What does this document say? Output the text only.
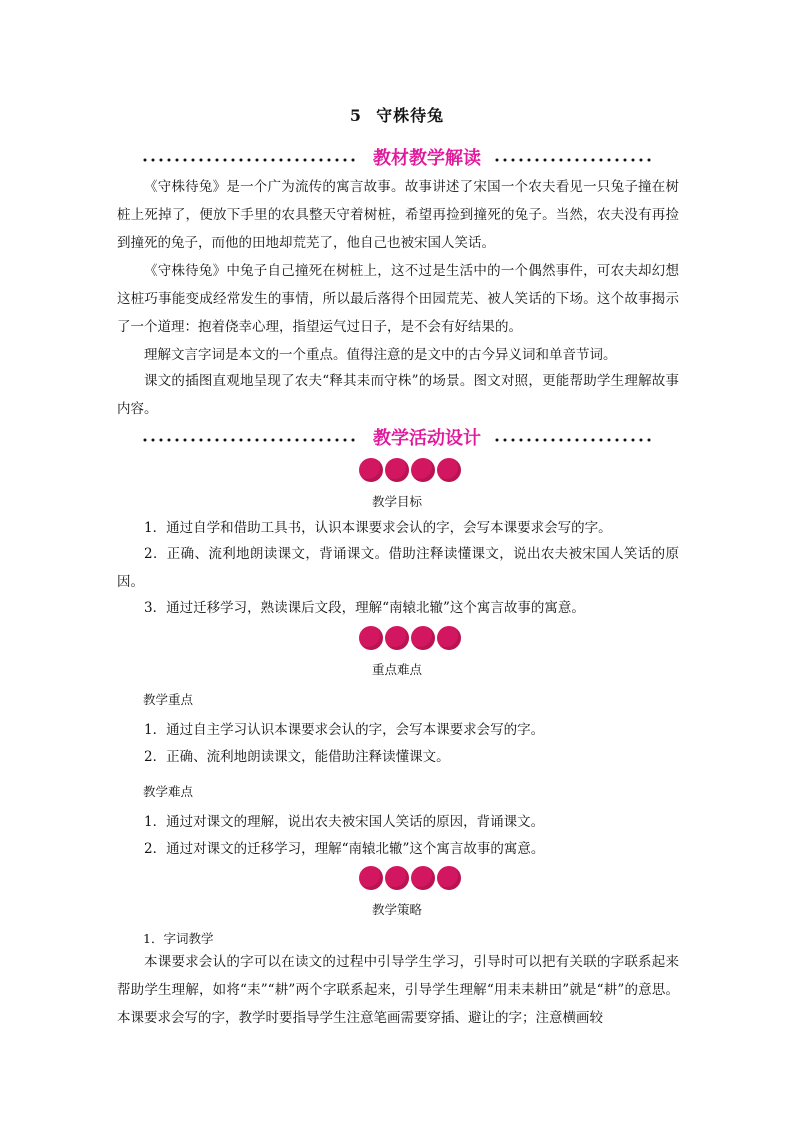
5 守株待兔
教材教学解读
《守株待兔》是一个广为流传的寓言故事。故事讲述了宋国一个农夫看见一只兔子撞在树桩上死掉了，便放下手里的农具整天守着树桩，希望再捡到撞死的兔子。当然，农夫没有再捡到撞死的兔子，而他的田地却荒芜了，他自己也被宋国人笑话。
《守株待兔》中兔子自己撞死在树桩上，这不过是生活中的一个偶然事件，可农夫却幻想这桩巧事能变成经常发生的事情，所以最后落得个田园荒芜、被人笑话的下场。这个故事揭示了一个道理：抱着侥幸心理，指望运气过日子，是不会有好结果的。
理解文言字词是本文的一个重点。值得注意的是文中的古今异义词和单音节词。
课文的插图直观地呈现了农夫“释其耒而守株”的场景。图文对照，更能帮助学生理解故事内容。
教学活动设计
教学目标
1．通过自学和借助工具书，认识本课要求会认的字，会写本课要求会写的字。
2．正确、流利地朗读课文，背诵课文。借助注释读懂课文，说出农夫被宋国人笑话的原因。
3．通过迁移学习，熟读课后文段，理解“南辕北辙”这个寓言故事的寓意。
重点难点
教学重点
1．通过自主学习认识本课要求会认的字，会写本课要求会写的字。
2．正确、流利地朗读课文，能借助注释读懂课文。
教学难点
1．通过对课文的理解，说出农夫被宋国人笑话的原因，背诵课文。
2．通过对课文的迁移学习，理解“南辕北辙”这个寓言故事的寓意。
教学策略
1．字词教学
本课要求会认的字可以在读文的过程中引导学生学习，引导时可以把有关联的字联系起来帮助学生理解，如将“耒”“耕”两个字联系起来，引导学生理解“用耒耒耕田”就是“耕”的意思。本课要求会写的字，教学时要指导学生注意笔画需要穿插、避让的字；注意横画较
